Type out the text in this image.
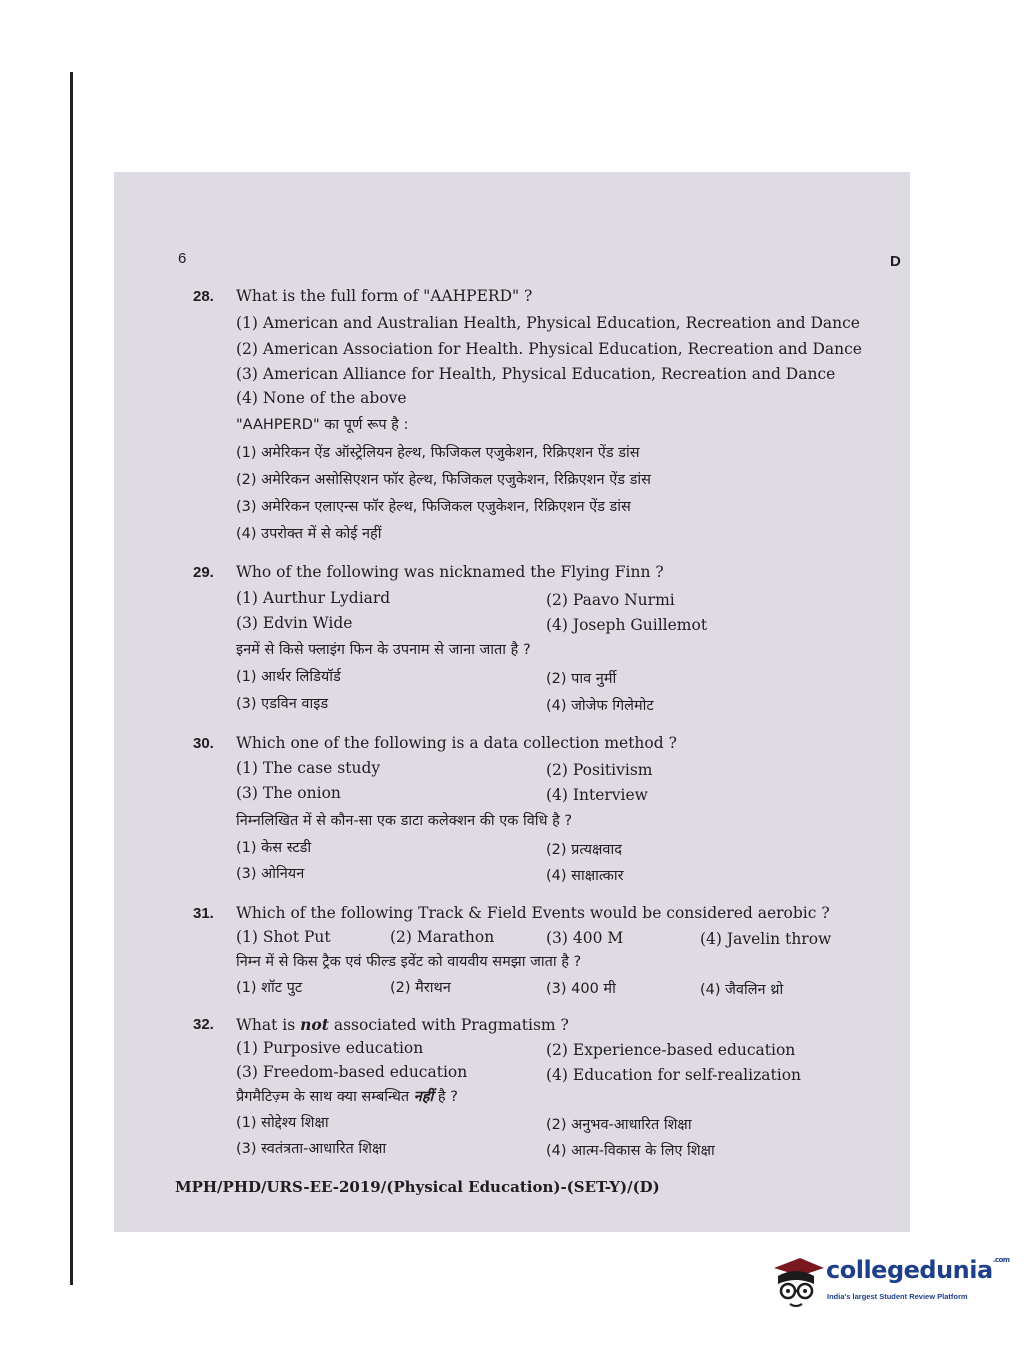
6	D
28. What is the full form of "AAHPERD" ?
(1) American and Australian Health, Physical Education, Recreation and Dance
(2) American Association for Health. Physical Education, Recreation and Dance
(3) American Alliance for Health, Physical Education, Recreation and Dance
(4) None of the above
"AAHPERD" का पूर्ण रूप है :
(1) अमेरिकन ऐंड ऑस्ट्रेलियन हेल्थ, फिजिकल एजुकेशन, रिक्रिएशन ऐंड डांस
(2) अमेरिकन असोसिएशन फॉर हेल्थ, फिजिकल एजुकेशन, रिक्रिएशन ऐंड डांस
(3) अमेरिकन एलाएन्स फॉर हेल्थ, फिजिकल एजुकेशन, रिक्रिएशन ऐंड डांस
(4) उपरोक्त में से कोई नहीं
29. Who of the following was nicknamed the Flying Finn ?
(1) Aurthur Lydiard	(2) Paavo Nurmi
(3) Edvin Wide	(4) Joseph Guillemot
इनमें से किसे फ्लाइंग फिन के उपनाम से जाना जाता है ?
(1) आर्थर लिडियॉर्ड	(2) पाव नुर्मी
(3) एडविन वाइड	(4) जोजेफ गिलेमोट
30. Which one of the following is a data collection method ?
(1) The case study	(2) Positivism
(3) The onion	(4) Interview
निम्नलिखित में से कौन-सा एक डाटा कलेक्शन की एक विधि है ?
(1) केस स्टडी	(2) प्रत्यक्षवाद
(3) ओनियन	(4) साक्षात्कार
31. Which of the following Track & Field Events would be considered aerobic ?
(1) Shot Put	(2) Marathon	(3) 400 M	(4) Javelin throw
निम्न में से किस ट्रैक एवं फील्ड इवेंट को वायवीय समझा जाता है ?
(1) शॉट पुट	(2) मैराथन	(3) 400 मी	(4) जैवलिन थ्रो
32. What is not associated with Pragmatism ?
(1) Purposive education	(2) Experience-based education
(3) Freedom-based education	(4) Education for self-realization
प्रैगमैटिज़्म के साथ क्या सम्बन्धित नहीं है ?
(1) सोद्देश्य शिक्षा	(2) अनुभव-आधारित शिक्षा
(3) स्वतंत्रता-आधारित शिक्षा	(4) आत्म-विकास के लिए शिक्षा
MPH/PHD/URS-EE-2019/(Physical Education)-(SET-Y)/(D)
collegedunia$^{.com}$
India's largest Student Review Platform
